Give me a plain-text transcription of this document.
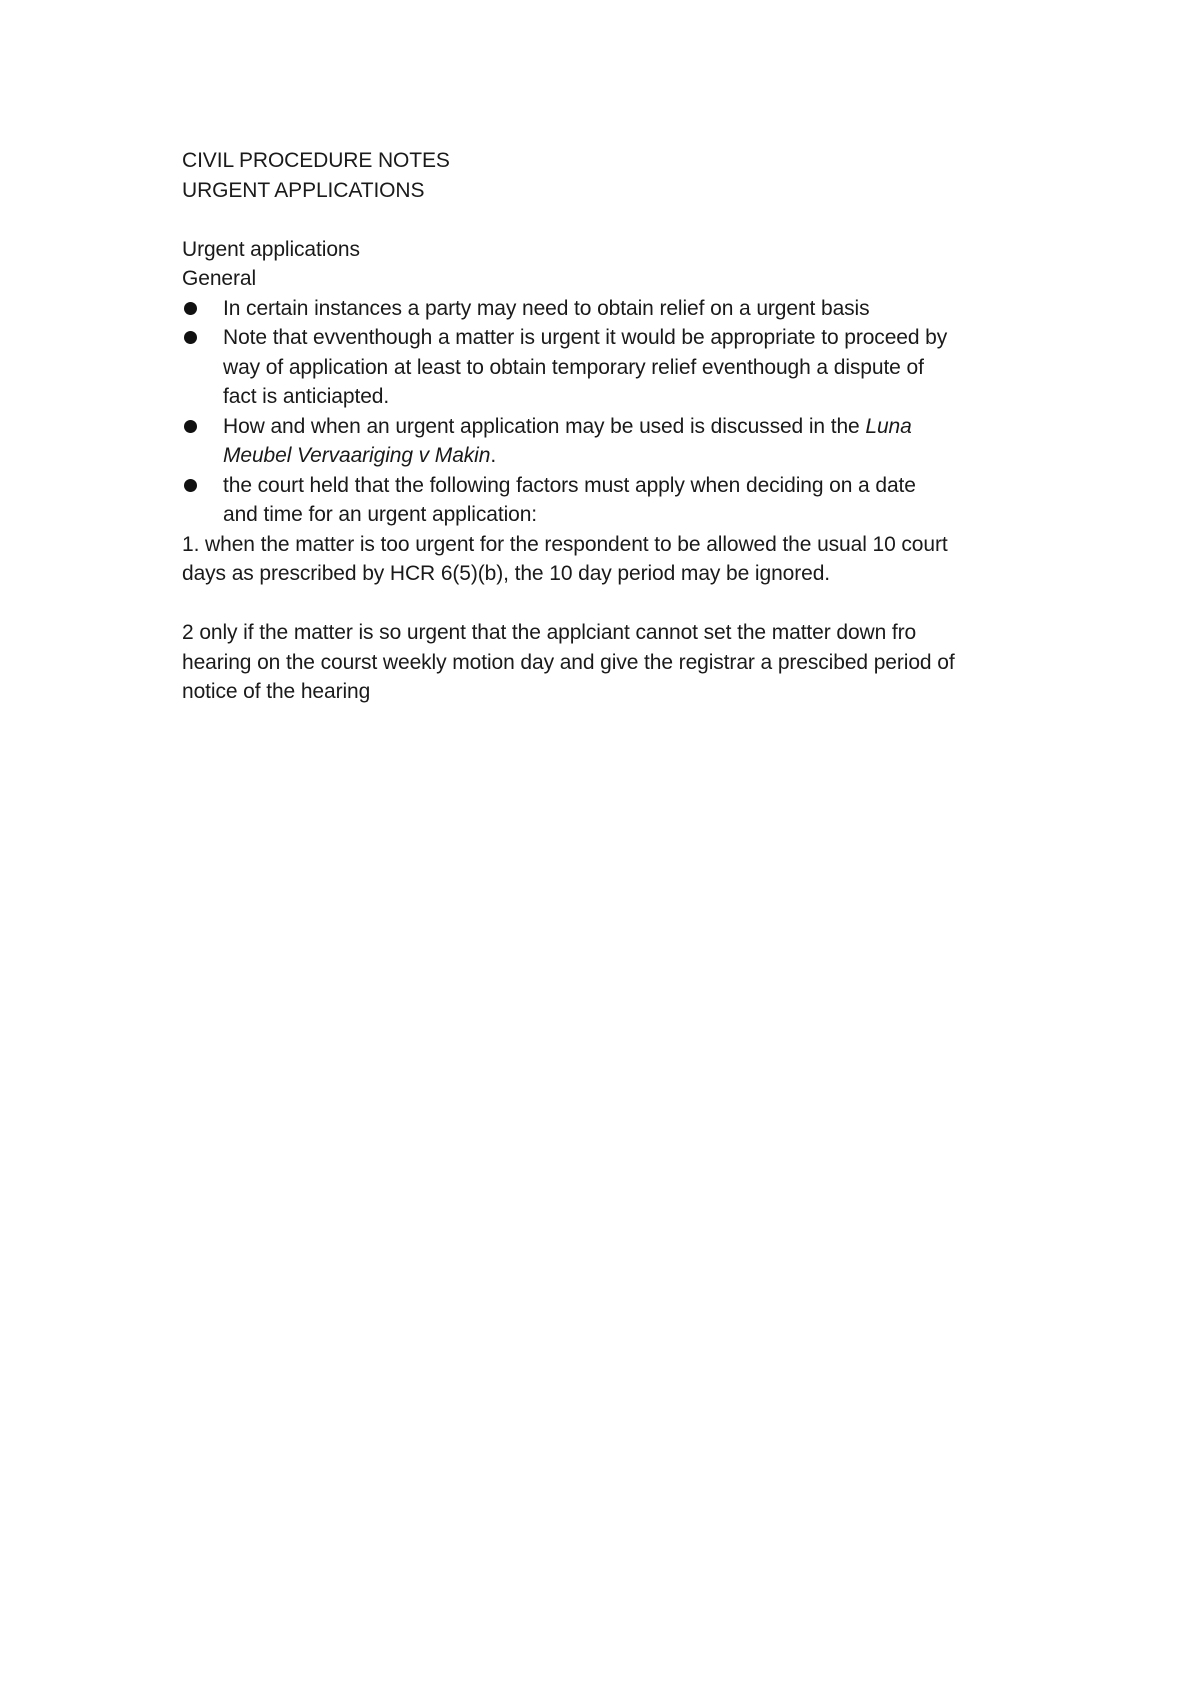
CIVIL PROCEDURE NOTES

URGENT APPLICATIONS

Urgent applications

General

In certain instances a party may need to obtain relief on a urgent basis
Note that evventhough a matter is urgent it would be appropriate to proceed by
way of application at least to obtain temporary relief eventhough a dispute of
fact is anticiapted.
How and when an urgent application may be used is discussed in the Luna
Meubel Vervaariging v Makin.
the court held that the following factors must apply when deciding on a date
and time for an urgent application:

1. when the matter is too urgent for the respondent to be allowed the usual 10 court

days as prescribed by HCR 6(5)(b), the 10 day period may be ignored.

2 only if the matter is so urgent that the applciant cannot set the matter down fro

hearing on the courst weekly motion day and give the registrar a prescibed period of

notice of the hearing
